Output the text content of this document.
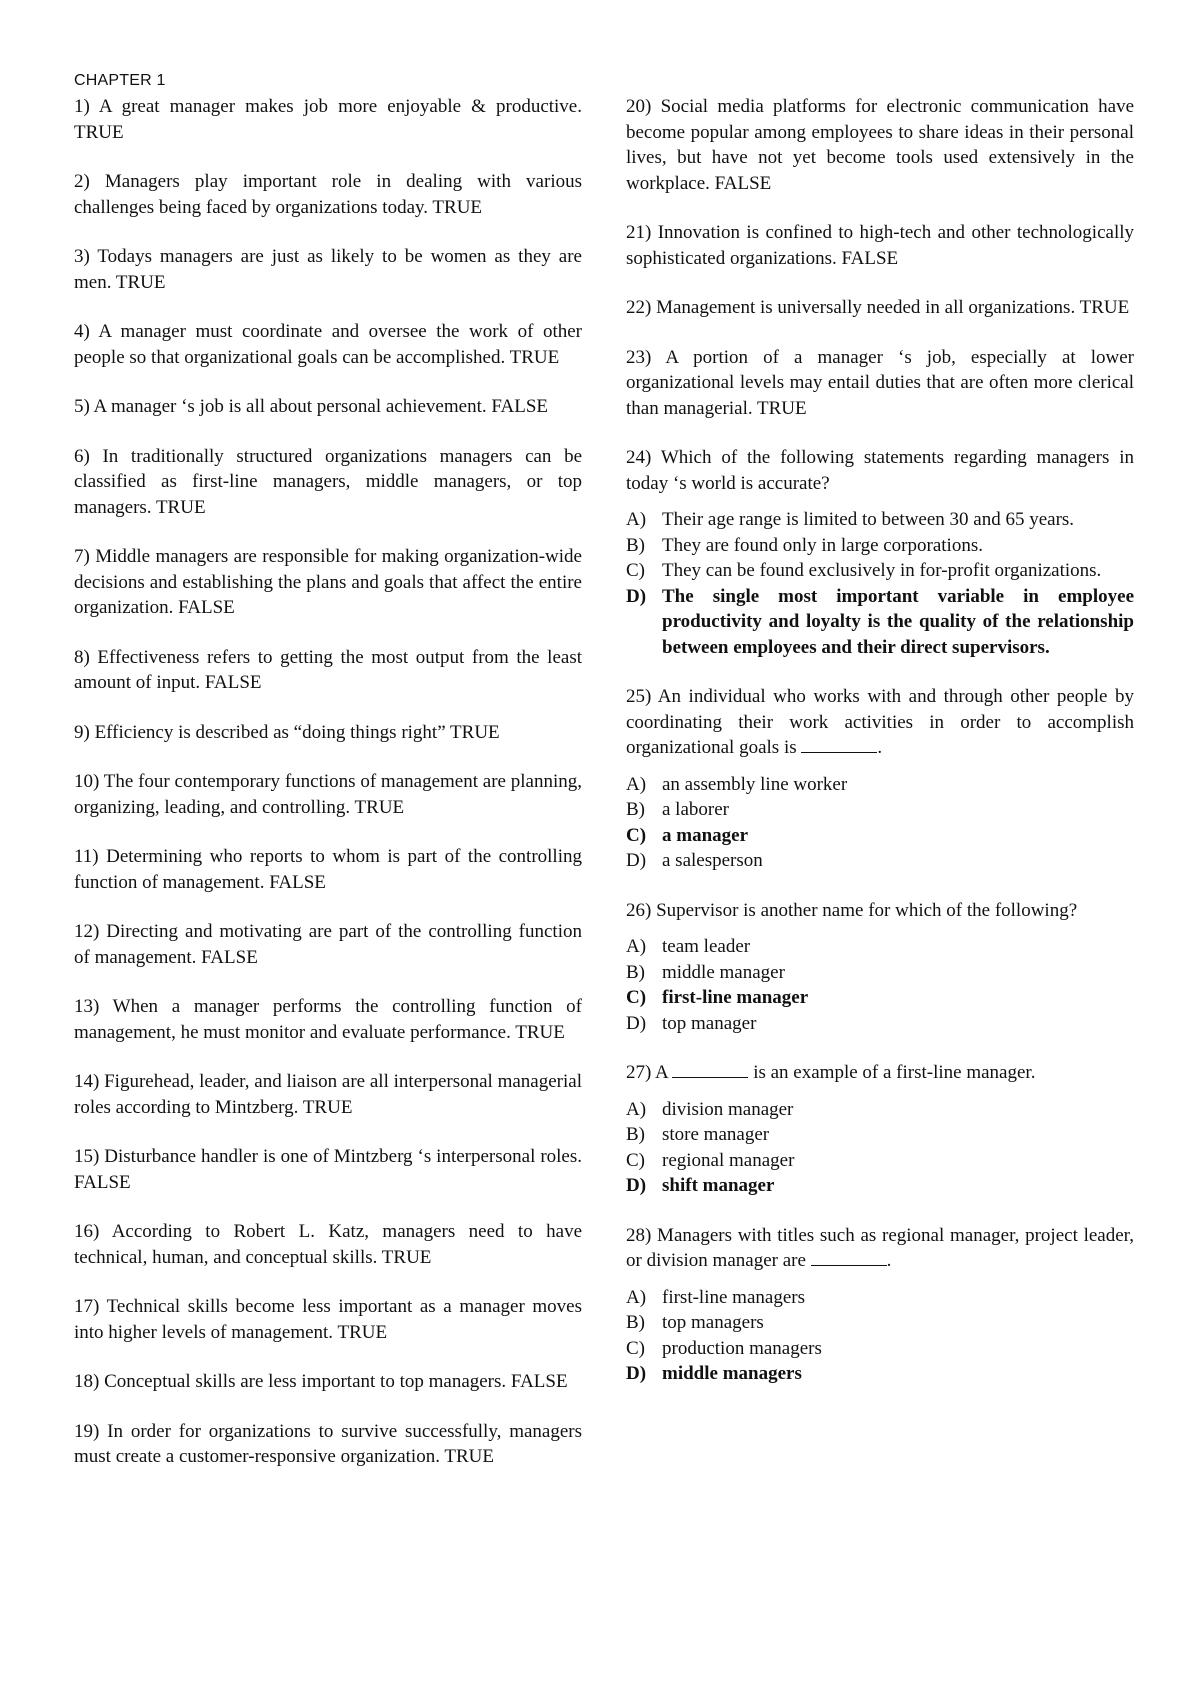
CHAPTER 1

1) A great manager makes job more enjoyable & productive. TRUE

2) Managers play important role in dealing with various challenges being faced by organizations today. TRUE

3) Todays managers are just as likely to be women as they are men. TRUE

4) A manager must coordinate and oversee the work of other people so that organizational goals can be accomplished. TRUE

5) A manager ‘s job is all about personal achievement. FALSE

6) In traditionally structured organizations managers can be classified as first-line managers, middle managers, or top managers. TRUE

7) Middle managers are responsible for making organization-wide decisions and establishing the plans and goals that affect the entire organization. FALSE

8) Effectiveness refers to getting the most output from the least amount of input. FALSE

9) Efficiency is described as “doing things right” TRUE

10) The four contemporary functions of management are planning, organizing, leading, and controlling. TRUE

11) Determining who reports to whom is part of the controlling function of management. FALSE

12) Directing and motivating are part of the controlling function of management. FALSE

13) When a manager performs the controlling function of management, he must monitor and evaluate performance. TRUE

14) Figurehead, leader, and liaison are all interpersonal managerial roles according to Mintzberg. TRUE

15) Disturbance handler is one of Mintzberg ‘s interpersonal roles. FALSE

16) According to Robert L. Katz, managers need to have technical, human, and conceptual skills. TRUE

17) Technical skills become less important as a manager moves into higher levels of management. TRUE

18) Conceptual skills are less important to top managers. FALSE

19) In order for organizations to survive successfully, managers must create a customer-responsive organization. TRUE

20) Social media platforms for electronic communication have become popular among employees to share ideas in their personal lives, but have not yet become tools used extensively in the workplace. FALSE

21) Innovation is confined to high-tech and other technologically sophisticated organizations. FALSE

22) Management is universally needed in all organizations. TRUE

23) A portion of a manager ‘s job, especially at lower organizational levels may entail duties that are often more clerical than managerial. TRUE

24) Which of the following statements regarding managers in today ‘s world is accurate?

A) Their age range is limited to between 30 and 65 years.
B) They are found only in large corporations.
C) They can be found exclusively in for-profit organizations.
D) The single most important variable in employee productivity and loyalty is the quality of the relationship between employees and their direct supervisors.

25) An individual who works with and through other people by coordinating their work activities in order to accomplish organizational goals is	.

A) an assembly line worker
B) a laborer
C) a manager
D) a salesperson

26) Supervisor is another name for which of the following?

A) team leader
B) middle manager
C) first-line manager
D) top manager

27) A	is an example of a first-line manager.

A) division manager
B) store manager
C) regional manager
D) shift manager

28) Managers with titles such as regional manager, project leader, or division manager are	.

A) first-line managers
B) top managers
C) production managers
D) middle managers
